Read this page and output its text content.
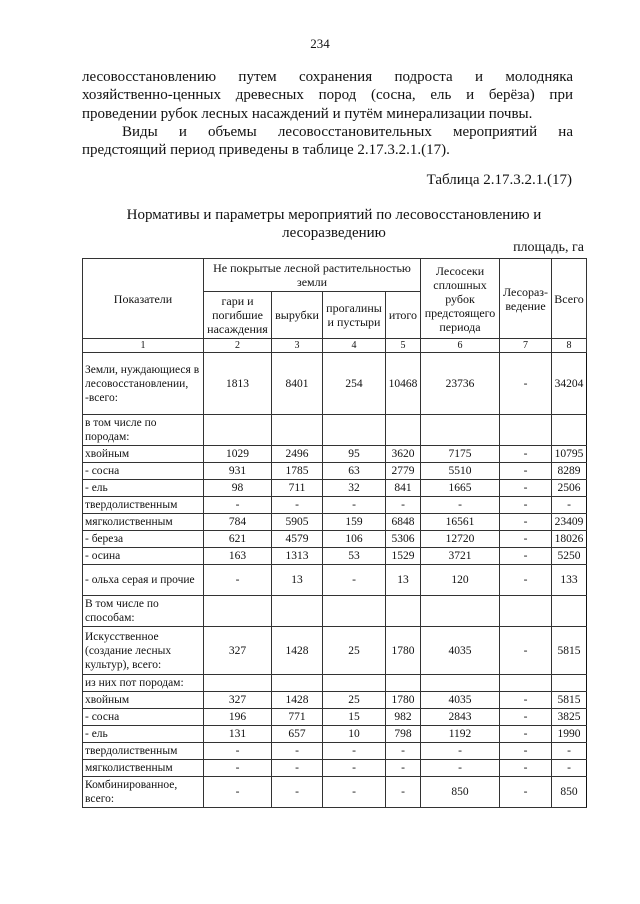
234
лесовосстановлению путем сохранения подроста и молодняка
хозяйственно-ценных древесных пород (сосна, ель и берёза) при
проведении рубок лесных насаждений и путём минерализации почвы.
Виды и объемы лесовосстановительных мероприятий на
предстоящий период приведены в таблице 2.17.3.2.1.(17).
Таблица 2.17.3.2.1.(17)
Нормативы и параметры мероприятий по лесовосстановлению и
лесоразведению
площадь, га
Показатели	Не покрытые лесной растительностью земли				Лесосеки сплошных рубок предстоящего периода	Лесораз-ведение	Всего
	гари и погибшие насаждения	вырубки	прогалины и пустыри	итого			
1	2	3	4	5	6	7	8
Земли, нуждающиеся в лесовосстановлении, -всего:	1813	8401	254	10468	23736	-	34204
в том числе по породам:							
хвойным	1029	2496	95	3620	7175	-	10795
- сосна	931	1785	63	2779	5510	-	8289
- ель	98	711	32	841	1665	-	2506
твердолиственным	-	-	-	-	-	-	-
мягколиственным	784	5905	159	6848	16561	-	23409
- береза	621	4579	106	5306	12720	-	18026
- осина	163	1313	53	1529	3721	-	5250
- ольха серая и прочие	-	13	-	13	120	-	133
В том числе по способам:							
Искусственное (создание лесных культур), всего:	327	1428	25	1780	4035	-	5815
из них пот породам:							
хвойным	327	1428	25	1780	4035	-	5815
- сосна	196	771	15	982	2843	-	3825
- ель	131	657	10	798	1192	-	1990
твердолиственным	-	-	-	-	-	-	-
мягколиственным	-	-	-	-	-	-	-
Комбинированное, всего:	-	-	-	-	850	-	850
